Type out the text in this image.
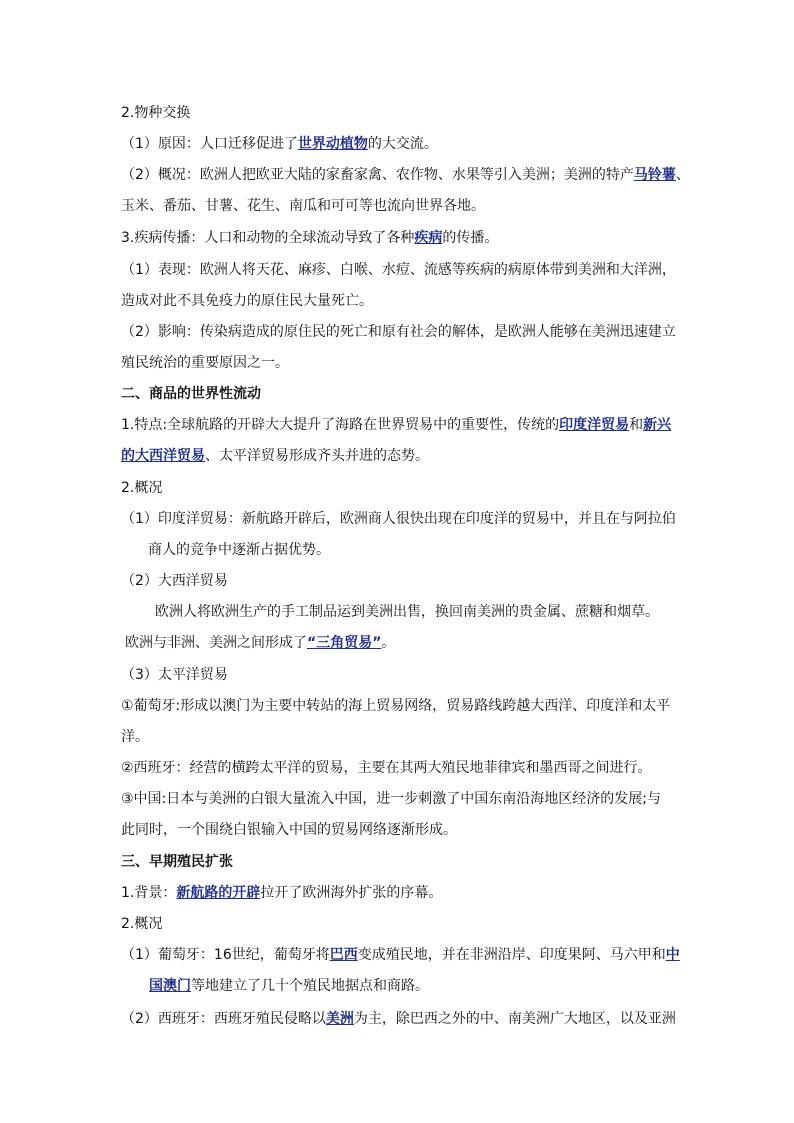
2.物种交换
（1）原因：人口迁移促进了世界动植物的大交流。
（2）概况：欧洲人把欧亚大陆的家畜家禽、农作物、水果等引入美洲；美洲的特产马铃薯、
玉米、番茄、甘薯、花生、南瓜和可可等也流向世界各地。
3.疾病传播：人口和动物的全球流动导致了各种疾病的传播。
（1）表现：欧洲人将天花、麻疹、白喉、水痘、流感等疾病的病原体带到美洲和大洋洲，
造成对此不具免疫力的原住民大量死亡。
（2）影响：传染病造成的原住民的死亡和原有社会的解体，是欧洲人能够在美洲迅速建立
殖民统治的重要原因之一。
二、商品的世界性流动
1.特点:全球航路的开辟大大提升了海路在世界贸易中的重要性，传统的印度洋贸易和新兴
的大西洋贸易、太平洋贸易形成齐头并进的态势。
2.概况
（1）印度洋贸易：新航路开辟后，欧洲商人很快出现在印度洋的贸易中，并且在与阿拉伯
商人的竞争中逐渐占据优势。
（2）大西洋贸易
欧洲人将欧洲生产的手工制品运到美洲出售，换回南美洲的贵金属、蔗糖和烟草。
欧洲与非洲、美洲之间形成了“三角贸易”。
（3）太平洋贸易
①葡萄牙:形成以澳门为主要中转站的海上贸易网络，贸易路线跨越大西洋、印度洋和太平
洋。
②西班牙：经营的横跨太平洋的贸易，主要在其两大殖民地菲律宾和墨西哥之间进行。
③中国:日本与美洲的白银大量流入中国，进一步刺激了中国东南沿海地区经济的发展;与
此同时，一个围绕白银输入中国的贸易网络逐渐形成。
三、早期殖民扩张
1.背景：新航路的开辟拉开了欧洲海外扩张的序幕。
2.概况
（1）葡萄牙：16世纪，葡萄牙将巴西变成殖民地，并在非洲沿岸、印度果阿、马六甲和中
国澳门等地建立了几十个殖民地据点和商路。
（2）西班牙：西班牙殖民侵略以美洲为主，除巴西之外的中、南美洲广大地区，以及亚洲
